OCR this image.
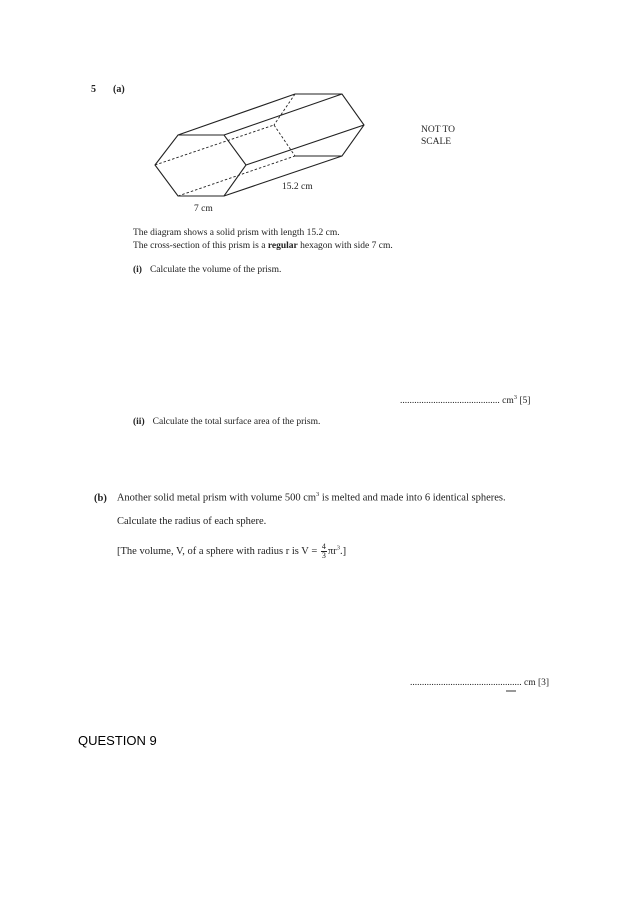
5 (a)
15.2 cm
7 cm
NOT TO SCALE
The diagram shows a solid prism with length 15.2 cm.
The cross-section of this prism is a regular hexagon with side 7 cm.
(i) Calculate the volume of the prism.
.......................................... $cm^3$ [5]
(ii) Calculate the total surface area of the prism.
(b) Another solid metal prism with volume 500 $cm^3$ is melted and made into 6 identical spheres.
Calculate the radius of each sphere.
[The volume, V, of a sphere with radius r is $V = \frac{4}{3} \pi r^3$.]
............................................... cm [3]
QUESTION 9
